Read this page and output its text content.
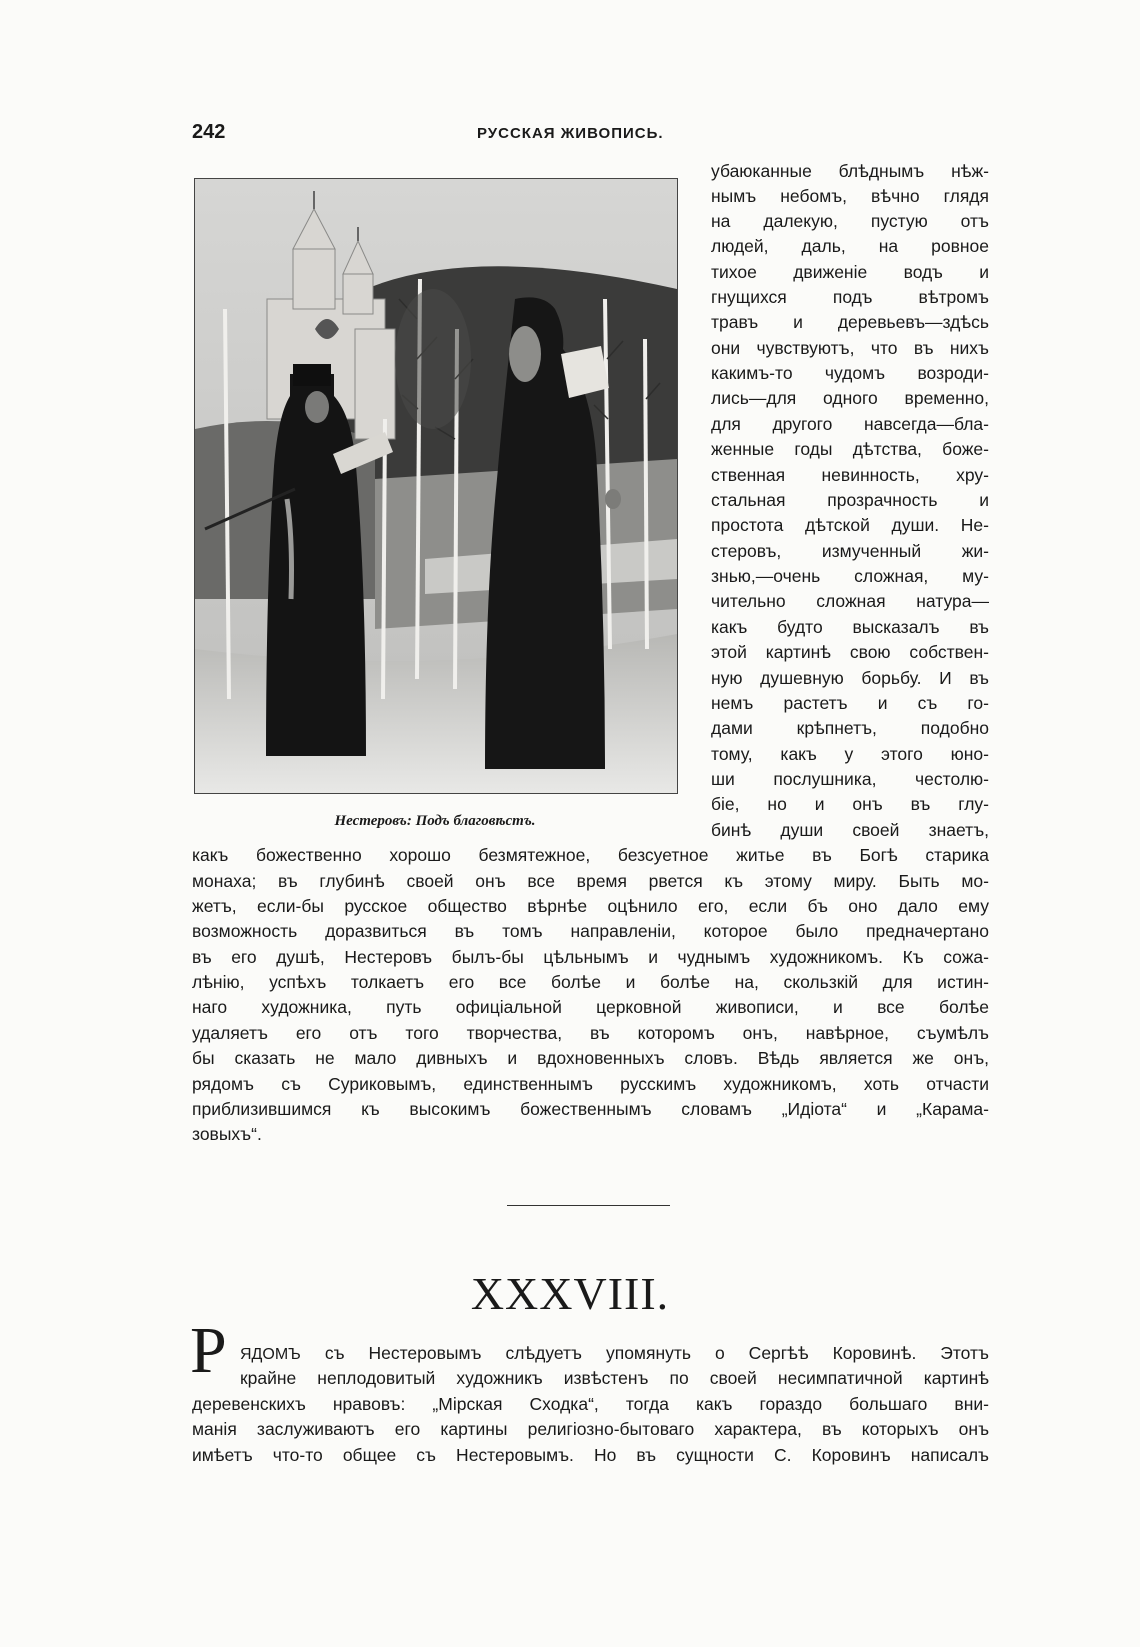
242	РУССКАЯ ЖИВОПИСЬ.
Нестеровъ: Подъ благовѣстъ.
убаюканные блѣднымъ нѣж-
нымъ небомъ, вѣчно глядя
на далекую, пустую отъ
людей, даль, на ровное
тихое движеніе водъ и
гнущихся подъ вѣтромъ
травъ и деревьевъ—здѣсь
они чувствуютъ, что въ нихъ
какимъ-то чудомъ возроди-
лись—для одного временно,
для другого навсегда—бла-
женные годы дѣтства, боже-
ственная невинность, хру-
стальная прозрачность и
простота дѣтской души. Не-
стеровъ, измученный жи-
знью,—очень сложная, му-
чительно сложная натура—
какъ будто высказалъ въ
этой картинѣ свою собствен-
ную душевную борьбу. И въ
немъ растетъ и съ го-
дами крѣпнетъ, подобно
тому, какъ у этого юно-
ши послушника, честолю-
біе, но и онъ въ глу-
бинѣ души своей знаетъ,
какъ божественно хорошо безмятежное, безсуетное житье въ Богѣ старика
монаха; въ глубинѣ своей онъ все время рвется къ этому миру. Быть мо-
жетъ, если-бы русское общество вѣрнѣе оцѣнило его, если бъ оно дало ему
возможность доразвиться въ томъ направленіи, которое было предначертано
въ его душѣ, Нестеровъ былъ-бы цѣльнымъ и чуднымъ художникомъ. Къ сожа-
лѣнію, успѣхъ толкаетъ его все болѣе и болѣе на, скользкій для истин-
наго художника, путь офиціальной церковной живописи, и все болѣе
удаляетъ его отъ того творчества, въ которомъ онъ, навѣрное, съумѣлъ
бы сказать не мало дивныхъ и вдохновенныхъ словъ. Вѣдь является же онъ,
рядомъ съ Суриковымъ, единственнымъ русскимъ художникомъ, хоть отчасти
приблизившимся къ высокимъ божественнымъ словамъ „Идіота“ и „Карама-
зовыхъ“.
XXXVIII.
Р ЯДОМЪ съ Нестеровымъ слѣдуетъ упомянуть о Сергѣѣ Коровинѣ. Этотъ
крайне неплодовитый художникъ извѣстенъ по своей несимпатичной картинѣ
деревенскихъ нравовъ: „Мірская Сходка“, тогда какъ гораздо большаго вни-
манія заслуживаютъ его картины религіозно-бытоваго характера, въ которыхъ онъ
имѣетъ что-то общее съ Нестеровымъ. Но въ сущности С. Коровинъ написалъ
